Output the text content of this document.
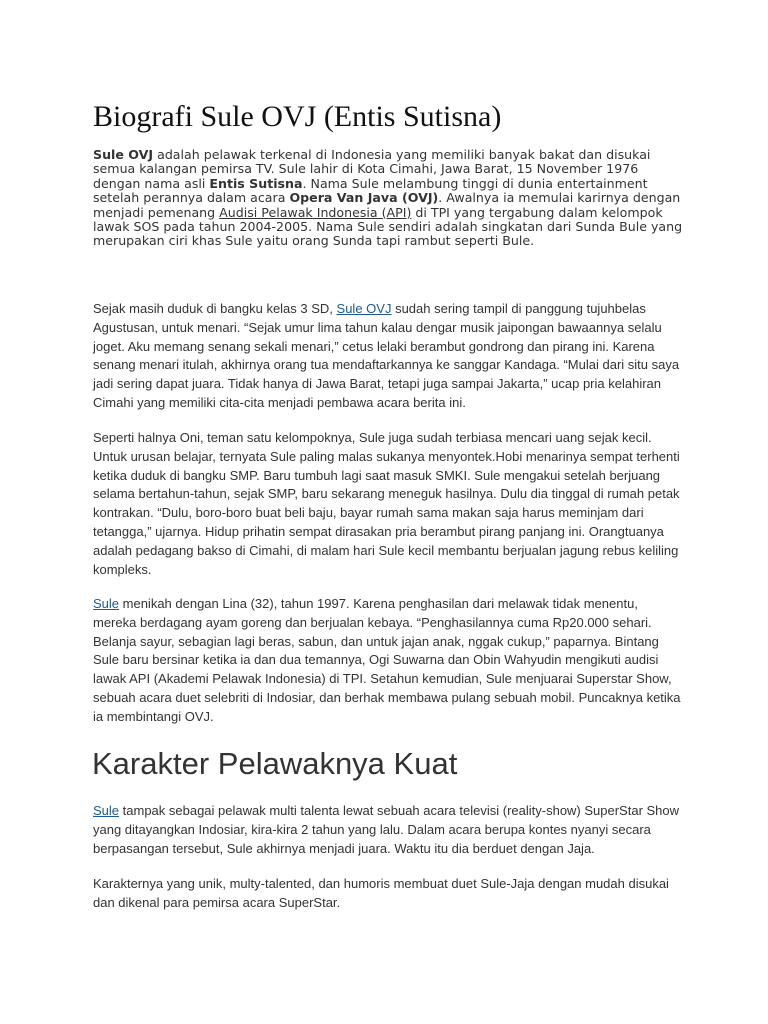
Biografi Sule OVJ (Entis Sutisna)

Sule OVJ adalah pelawak terkenal di Indonesia yang memiliki banyak bakat dan disukai semua kalangan pemirsa TV. Sule lahir di Kota Cimahi, Jawa Barat, 15 November 1976 dengan nama asli Entis Sutisna. Nama Sule melambung tinggi di dunia entertainment setelah perannya dalam acara Opera Van Java (OVJ). Awalnya ia memulai karirnya dengan menjadi pemenang Audisi Pelawak Indonesia (API) di TPI yang tergabung dalam kelompok lawak SOS pada tahun 2004-2005. Nama Sule sendiri adalah singkatan dari Sunda Bule yang merupakan ciri khas Sule yaitu orang Sunda tapi rambut seperti Bule.

Sejak masih duduk di bangku kelas 3 SD, Sule OVJ sudah sering tampil di panggung tujuhbelas Agustusan, untuk menari. “Sejak umur lima tahun kalau dengar musik jaipongan bawaannya selalu joget. Aku memang senang sekali menari,” cetus lelaki berambut gondrong dan pirang ini. Karena senang menari itulah, akhirnya orang tua mendaftarkannya ke sanggar Kandaga. “Mulai dari situ saya jadi sering dapat juara. Tidak hanya di Jawa Barat, tetapi juga sampai Jakarta,” ucap pria kelahiran Cimahi yang memiliki cita-cita menjadi pembawa acara berita ini.

Seperti halnya Oni, teman satu kelompoknya, Sule juga sudah terbiasa mencari uang sejak kecil. Untuk urusan belajar, ternyata Sule paling malas sukanya menyontek.Hobi menarinya sempat terhenti ketika duduk di bangku SMP. Baru tumbuh lagi saat masuk SMKI. Sule mengakui setelah berjuang selama bertahun-tahun, sejak SMP, baru sekarang meneguk hasilnya. Dulu dia tinggal di rumah petak kontrakan. “Dulu, boro-boro buat beli baju, bayar rumah sama makan saja harus meminjam dari tetangga,” ujarnya. Hidup prihatin sempat dirasakan pria berambut pirang panjang ini. Orangtuanya adalah pedagang bakso di Cimahi, di malam hari Sule kecil membantu berjualan jagung rebus keliling kompleks.

Sule menikah dengan Lina (32), tahun 1997. Karena penghasilan dari melawak tidak menentu, mereka berdagang ayam goreng dan berjualan kebaya. “Penghasilannya cuma Rp20.000 sehari. Belanja sayur, sebagian lagi beras, sabun, dan untuk jajan anak, nggak cukup,” paparnya. Bintang Sule baru bersinar ketika ia dan dua temannya, Ogi Suwarna dan Obin Wahyudin mengikuti audisi lawak API (Akademi Pelawak Indonesia) di TPI. Setahun kemudian, Sule menjuarai Superstar Show, sebuah acara duet selebriti di Indosiar, dan berhak membawa pulang sebuah mobil. Puncaknya ketika ia membintangi OVJ.

Karakter Pelawaknya Kuat

Sule tampak sebagai pelawak multi talenta lewat sebuah acara televisi (reality-show) SuperStar Show yang ditayangkan Indosiar, kira-kira 2 tahun yang lalu. Dalam acara berupa kontes nyanyi secara berpasangan tersebut, Sule akhirnya menjadi juara. Waktu itu dia berduet dengan Jaja.

Karakternya yang unik, multy-talented, dan humoris membuat duet Sule-Jaja dengan mudah disukai dan dikenal para pemirsa acara SuperStar.
